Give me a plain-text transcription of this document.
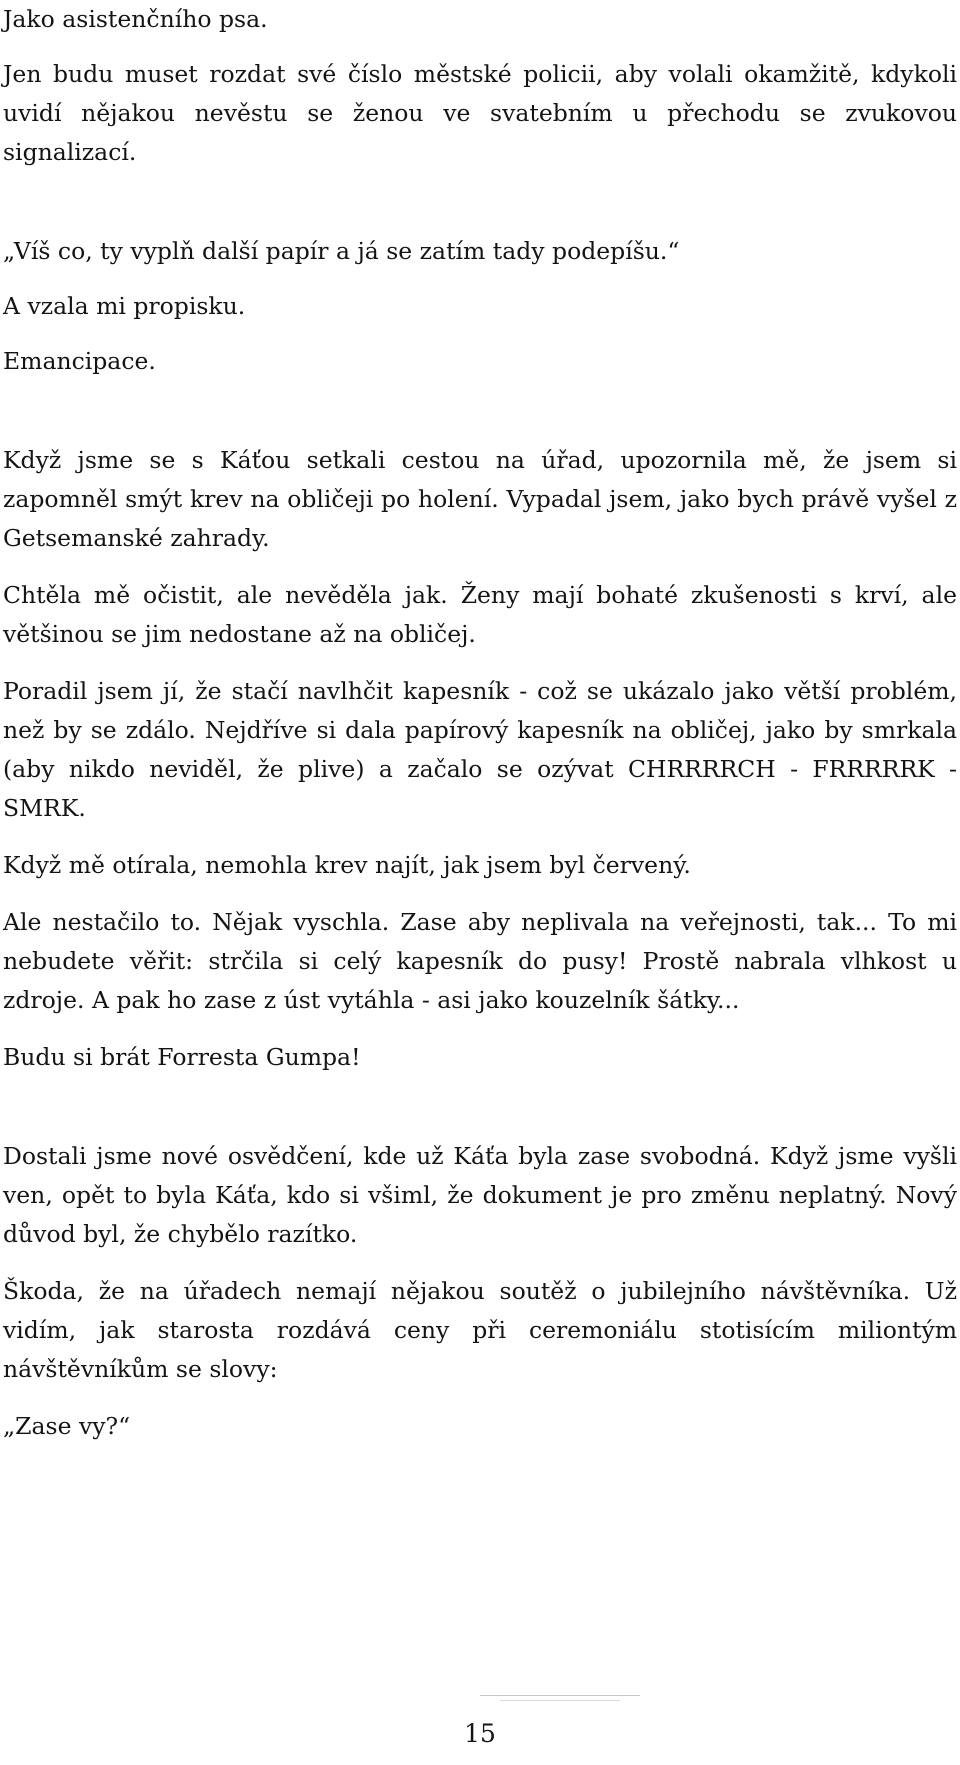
Jako asistenčního psa.

Jen budu muset rozdat své číslo městské policii, aby volali okamžitě, kdykoli uvidí nějakou nevěstu se ženou ve svatebním u přechodu se zvukovou signalizací.

„Víš co, ty vyplň další papír a já se zatím tady podepíšu.“

A vzala mi propisku.

Emancipace.

Když jsme se s Káťou setkali cestou na úřad, upozornila mě, že jsem si zapomněl smýt krev na obličeji po holení. Vypadal jsem, jako bych právě vyšel z Getsemanské zahrady.

Chtěla mě očistit, ale nevěděla jak. Ženy mají bohaté zkušenosti s krví, ale většinou se jim nedostane až na obličej.

Poradil jsem jí, že stačí navlhčit kapesník - což se ukázalo jako větší problém, než by se zdálo. Nejdříve si dala papírový kapesník na obličej, jako by smrkala (aby nikdo neviděl, že plive) a začalo se ozývat CHRRRRCH - FRRRRRK - SMRK.

Když mě otírala, nemohla krev najít, jak jsem byl červený.

Ale nestačilo to. Nějak vyschla. Zase aby neplivala na veřejnosti, tak... To mi nebudete věřit: strčila si celý kapesník do pusy! Prostě nabrala vlhkost u zdroje. A pak ho zase z úst vytáhla - asi jako kouzelník šátky...

Budu si brát Forresta Gumpa!

Dostali jsme nové osvědčení, kde už Káťa byla zase svobodná. Když jsme vyšli ven, opět to byla Káťa, kdo si všiml, že dokument je pro změnu neplatný. Nový důvod byl, že chybělo razítko.

Škoda, že na úřadech nemají nějakou soutěž o jubilejního návštěvníka. Už vidím, jak starosta rozdává ceny při ceremoniálu stotisícím miliontým návštěvníkům se slovy:

„Zase vy?“

15
